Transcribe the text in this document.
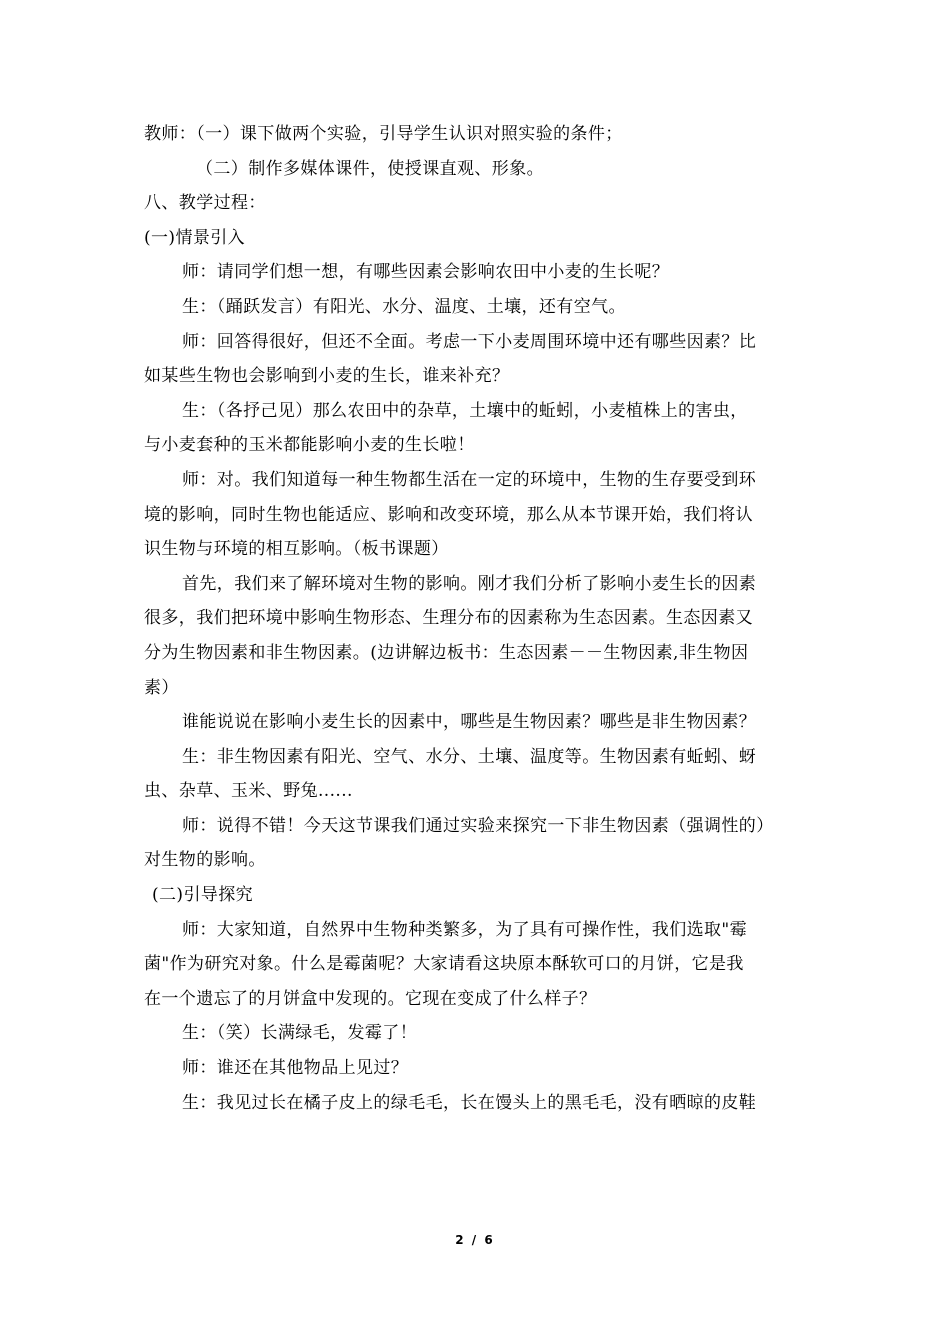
教师：（一）课下做两个实验，引导学生认识对照实验的条件；
（二）制作多媒体课件，使授课直观、形象。
八、教学过程：
(一)情景引入
师：请同学们想一想，有哪些因素会影响农田中小麦的生长呢？
生：（踊跃发言）有阳光、水分、温度、土壤，还有空气。
师：回答得很好，但还不全面。考虑一下小麦周围环境中还有哪些因素？比
如某些生物也会影响到小麦的生长，谁来补充？
生：（各抒己见）那么农田中的杂草，土壤中的蚯蚓，小麦植株上的害虫，
与小麦套种的玉米都能影响小麦的生长啦！
师：对。我们知道每一种生物都生活在一定的环境中，生物的生存要受到环
境的影响，同时生物也能适应、影响和改变环境，那么从本节课开始，我们将认
识生物与环境的相互影响。（板书课题）
首先，我们来了解环境对生物的影响。刚才我们分析了影响小麦生长的因素
很多，我们把环境中影响生物形态、生理分布的因素称为生态因素。生态因素又
分为生物因素和非生物因素。(边讲解边板书：生态因素－－生物因素,非生物因
素）
谁能说说在影响小麦生长的因素中，哪些是生物因素？哪些是非生物因素？
生：非生物因素有阳光、空气、水分、土壤、温度等。生物因素有蚯蚓、蚜
虫、杂草、玉米、野兔......
师：说得不错！今天这节课我们通过实验来探究一下非生物因素（强调性的）
对生物的影响。
(二)引导探究
师：大家知道，自然界中生物种类繁多，为了具有可操作性，我们选取"霉
菌"作为研究对象。什么是霉菌呢？大家请看这块原本酥软可口的月饼，它是我
在一个遗忘了的月饼盒中发现的。它现在变成了什么样子？
生：（笑）长满绿毛，发霉了！
师：谁还在其他物品上见过？
生：我见过长在橘子皮上的绿毛毛，长在馒头上的黑毛毛，没有晒晾的皮鞋
2 / 6
